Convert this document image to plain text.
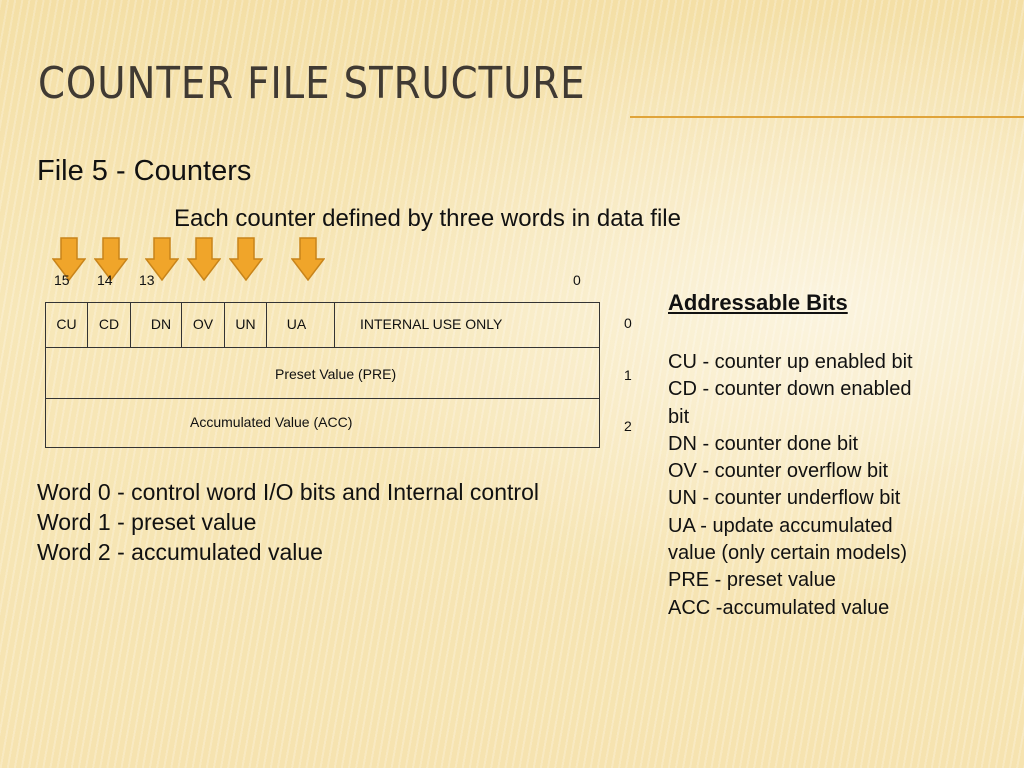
COUNTER FILE STRUCTURE
File 5 - Counters
Each counter defined by three words in data file
15 14 13	0
CU CD DN OV UN UA	INTERNAL USE ONLY
Preset Value (PRE)
Accumulated Value (ACC)
0
1
2
Word 0 - control word I/O bits and Internal control
Word 1 - preset value
Word 2 - accumulated value
Addressable Bits
CU - counter up enabled bit
CD - counter down enabled
bit
DN - counter done bit
OV - counter overflow bit
UN - counter underflow bit
UA - update accumulated
value (only certain models)
PRE - preset value
ACC -accumulated value
